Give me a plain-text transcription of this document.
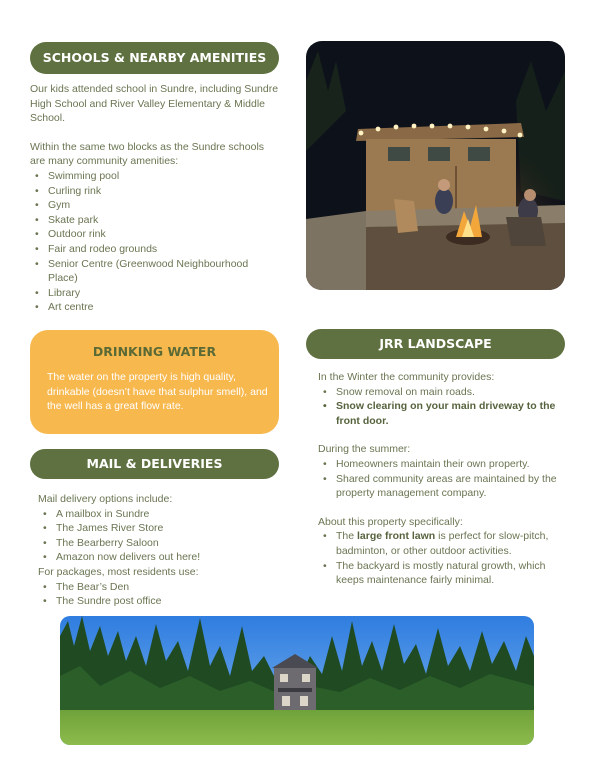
SCHOOLS & NEARBY AMENITIES

Our kids attended school in Sundre, including Sundre High School and River Valley Elementary & Middle School.

Within the same two blocks as the Sundre schools are many community amenities:

• Swimming pool
• Curling rink
• Gym
• Skate park
• Outdoor rink
• Fair and rodeo grounds
• Senior Centre (Greenwood Neighbourhood Place)
• Library
• Art centre
DRINKING WATER
The water on the property is high quality, drinkable (doesn’t have that sulphur smell), and the well has a great flow rate.
MAIL & DELIVERIES

Mail delivery options include:

• A mailbox in Sundre
• The James River Store
• The Bearberry Saloon
• Amazon now delivers out here!

For packages, most residents use:

• The Bear’s Den
• The Sundre post office
JRR LANDSCAPE

In the Winter the community provides:

• Snow removal on main roads.
• Snow clearing on your main driveway to the front door.

During the summer:

• Homeowners maintain their own property.
• Shared community areas are maintained by the property management company.

About this property specifically:

• The large front lawn is perfect for slow-pitch, badminton, or other outdoor activities.
• The backyard is mostly natural growth, which keeps maintenance fairly minimal.
